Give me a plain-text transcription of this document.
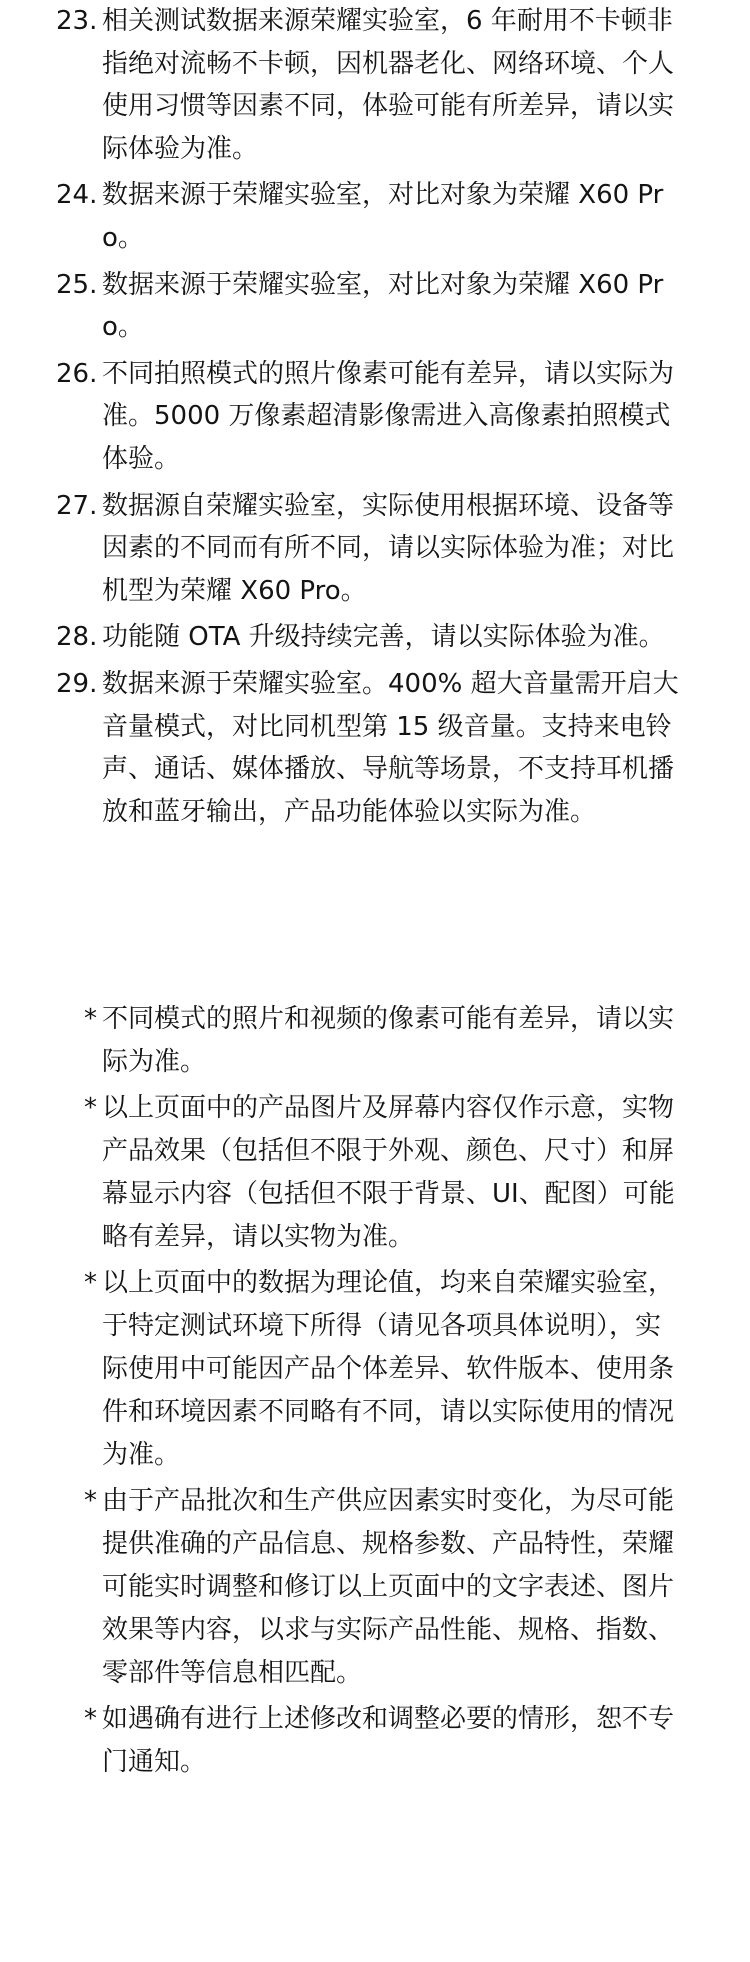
23. 相关测试数据来源荣耀实验室，6 年耐用不卡顿非指绝对流畅不卡顿，因机器老化、网络环境、个人使用习惯等因素不同，体验可能有所差异，请以实际体验为准。
24. 数据来源于荣耀实验室，对比对象为荣耀 X60 Pro。
25. 数据来源于荣耀实验室，对比对象为荣耀 X60 Pro。
26. 不同拍照模式的照片像素可能有差异，请以实际为准。5000 万像素超清影像需进入高像素拍照模式体验。
27. 数据源自荣耀实验室，实际使用根据环境、设备等因素的不同而有所不同，请以实际体验为准；对比机型为荣耀 X60 Pro。
28. 功能随 OTA 升级持续完善，请以实际体验为准。
29. 数据来源于荣耀实验室。400% 超大音量需开启大音量模式，对比同机型第 15 级音量。支持来电铃声、通话、媒体播放、导航等场景，不支持耳机播放和蓝牙输出，产品功能体验以实际为准。
* 不同模式的照片和视频的像素可能有差异，请以实际为准。
* 以上页面中的产品图片及屏幕内容仅作示意，实物产品效果（包括但不限于外观、颜色、尺寸）和屏幕显示内容（包括但不限于背景、UI、配图）可能略有差异，请以实物为准。
* 以上页面中的数据为理论值，均来自荣耀实验室，于特定测试环境下所得（请见各项具体说明），实际使用中可能因产品个体差异、软件版本、使用条件和环境因素不同略有不同，请以实际使用的情况为准。
* 由于产品批次和生产供应因素实时变化，为尽可能提供准确的产品信息、规格参数、产品特性，荣耀可能实时调整和修订以上页面中的文字表述、图片效果等内容，以求与实际产品性能、规格、指数、零部件等信息相匹配。
* 如遇确有进行上述修改和调整必要的情形，恕不专门通知。
